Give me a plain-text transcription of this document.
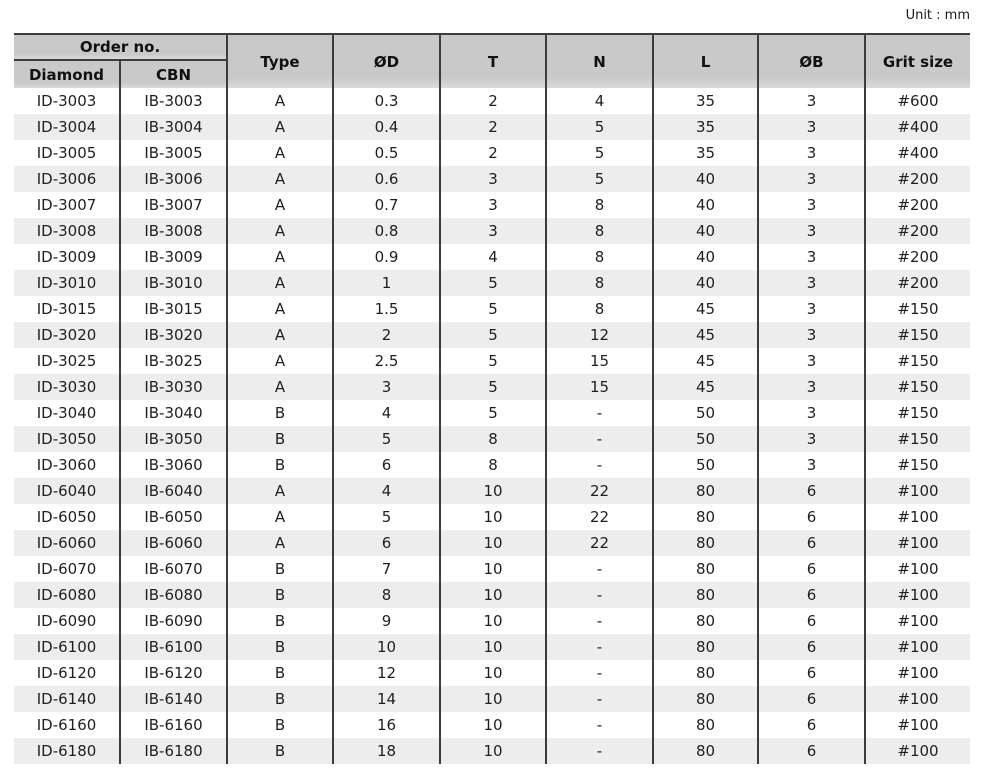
Unit : mm
Order no.		Type	ØD	T	N	L	ØB	Grit size
Diamond	CBN							
ID-3003	IB-3003	A	0.3	2	4	35	3	#600
ID-3004	IB-3004	A	0.4	2	5	35	3	#400
ID-3005	IB-3005	A	0.5	2	5	35	3	#400
ID-3006	IB-3006	A	0.6	3	5	40	3	#200
ID-3007	IB-3007	A	0.7	3	8	40	3	#200
ID-3008	IB-3008	A	0.8	3	8	40	3	#200
ID-3009	IB-3009	A	0.9	4	8	40	3	#200
ID-3010	IB-3010	A	1	5	8	40	3	#200
ID-3015	IB-3015	A	1.5	5	8	45	3	#150
ID-3020	IB-3020	A	2	5	12	45	3	#150
ID-3025	IB-3025	A	2.5	5	15	45	3	#150
ID-3030	IB-3030	A	3	5	15	45	3	#150
ID-3040	IB-3040	B	4	5	-	50	3	#150
ID-3050	IB-3050	B	5	8	-	50	3	#150
ID-3060	IB-3060	B	6	8	-	50	3	#150
ID-6040	IB-6040	A	4	10	22	80	6	#100
ID-6050	IB-6050	A	5	10	22	80	6	#100
ID-6060	IB-6060	A	6	10	22	80	6	#100
ID-6070	IB-6070	B	7	10	-	80	6	#100
ID-6080	IB-6080	B	8	10	-	80	6	#100
ID-6090	IB-6090	B	9	10	-	80	6	#100
ID-6100	IB-6100	B	10	10	-	80	6	#100
ID-6120	IB-6120	B	12	10	-	80	6	#100
ID-6140	IB-6140	B	14	10	-	80	6	#100
ID-6160	IB-6160	B	16	10	-	80	6	#100
ID-6180	IB-6180	B	18	10	-	80	6	#100
